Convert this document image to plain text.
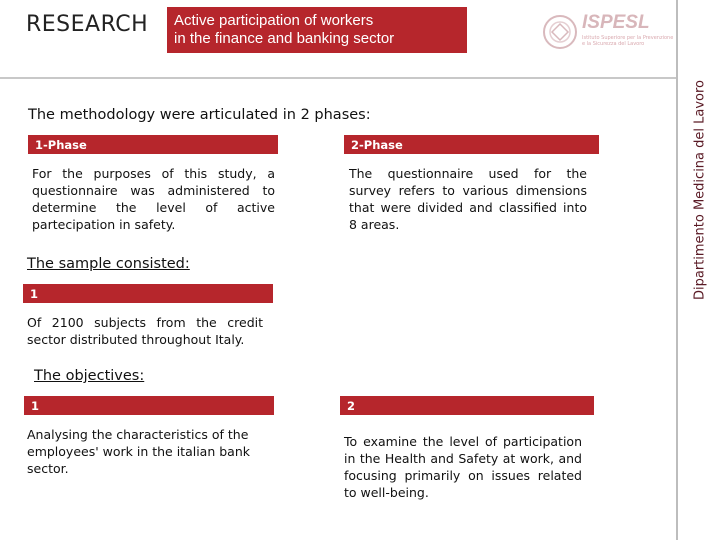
RESEARCH Active participation of workers
in the finance and banking sector
ISPESL
Istituto Superiore per la Prevenzione
e la Sicurezza del Lavoro
Dipartimento Medicina del Lavoro
The methodology were articulated in 2 phases:
1-Phase
For the purposes of this study, a questionnaire was administered to determine the level of active partecipation in safety.
2-Phase
The questionnaire used for the survey refers to various dimensions that were divided and classified into 8 areas.
The sample consisted:
1
Of 2100 subjects from the credit sector distributed throughout Italy.
The objectives:
1
Analysing the characteristics of the employees' work in the italian bank sector.
2
To examine the level of participation in the Health and Safety at work, and focusing primarily on issues related to well-being.
